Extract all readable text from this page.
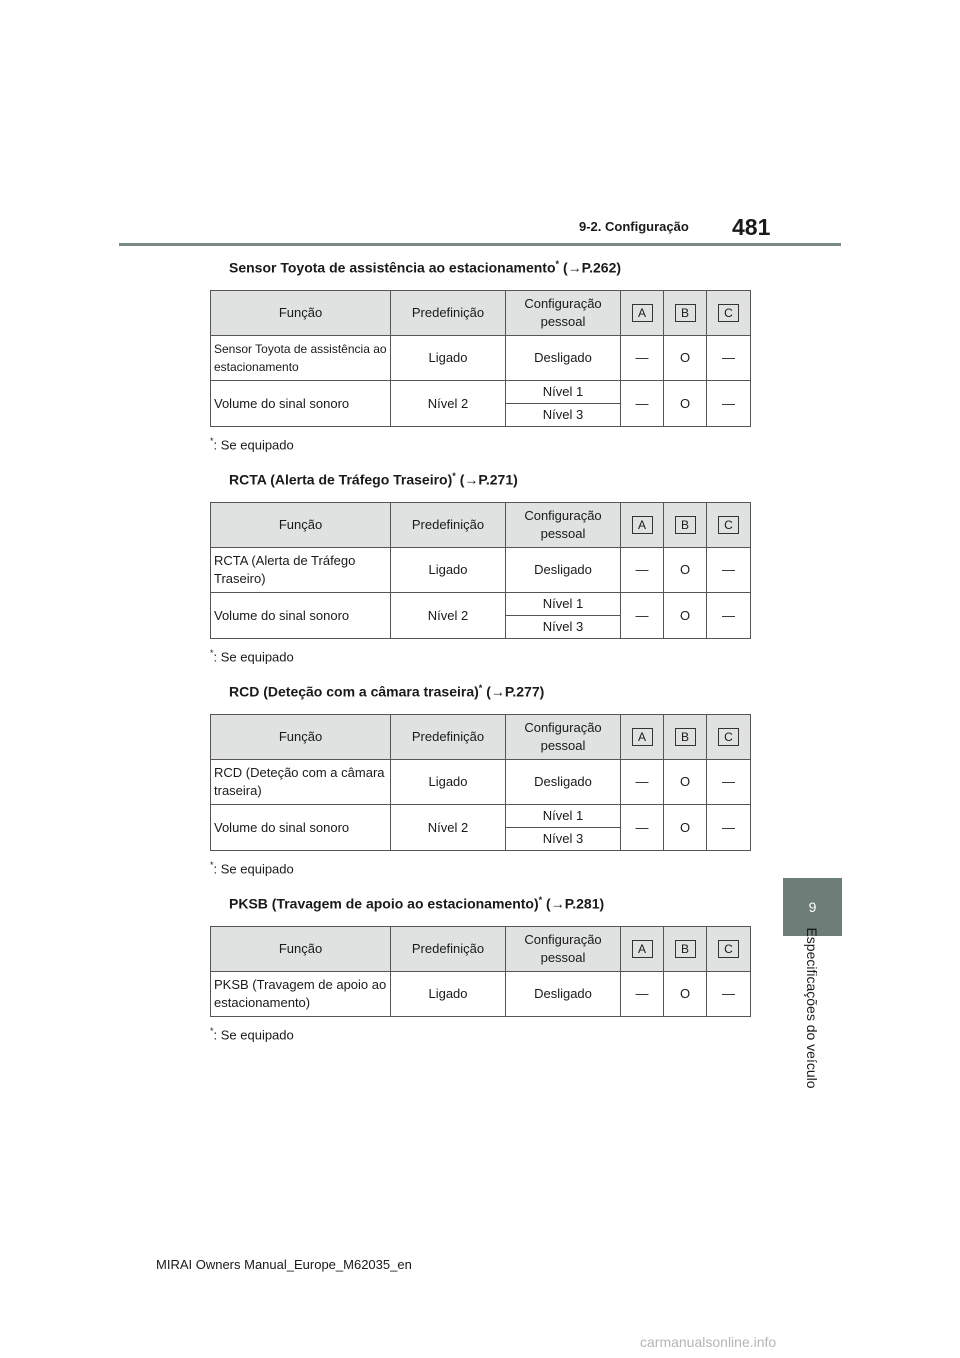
481
9-2. Configuração
9
Especificações do veículo
Sensor Toyota de assistência ao estacionamento* (→P.262)
Função	Predefinição	Configuração pessoal	A	B	C
Sensor Toyota de assistência ao estacionamento	Ligado	Desligado	—	O	—
Volume do sinal sonoro	Nível 2	Nível 1	—	O	—
		Nível 3			
*: Se equipado
RCTA (Alerta de Tráfego Traseiro)* (→P.271)
Função	Predefinição	Configuração pessoal	A	B	C
RCTA (Alerta de Tráfego Traseiro)	Ligado	Desligado	—	O	—
Volume do sinal sonoro	Nível 2	Nível 1	—	O	—
		Nível 3			
*: Se equipado
RCD (Deteção com a câmara traseira)* (→P.277)
Função	Predefinição	Configuração pessoal	A	B	C
RCD (Deteção com a câmara traseira)	Ligado	Desligado	—	O	—
Volume do sinal sonoro	Nível 2	Nível 1	—	O	—
		Nível 3			
*: Se equipado
PKSB (Travagem de apoio ao estacionamento)* (→P.281)
Função	Predefinição	Configuração pessoal	A	B	C
PKSB (Travagem de apoio ao estacionamento)	Ligado	Desligado	—	O	—
*: Se equipado
MIRAI Owners Manual_Europe_M62035_en
carmanualsonline.info
